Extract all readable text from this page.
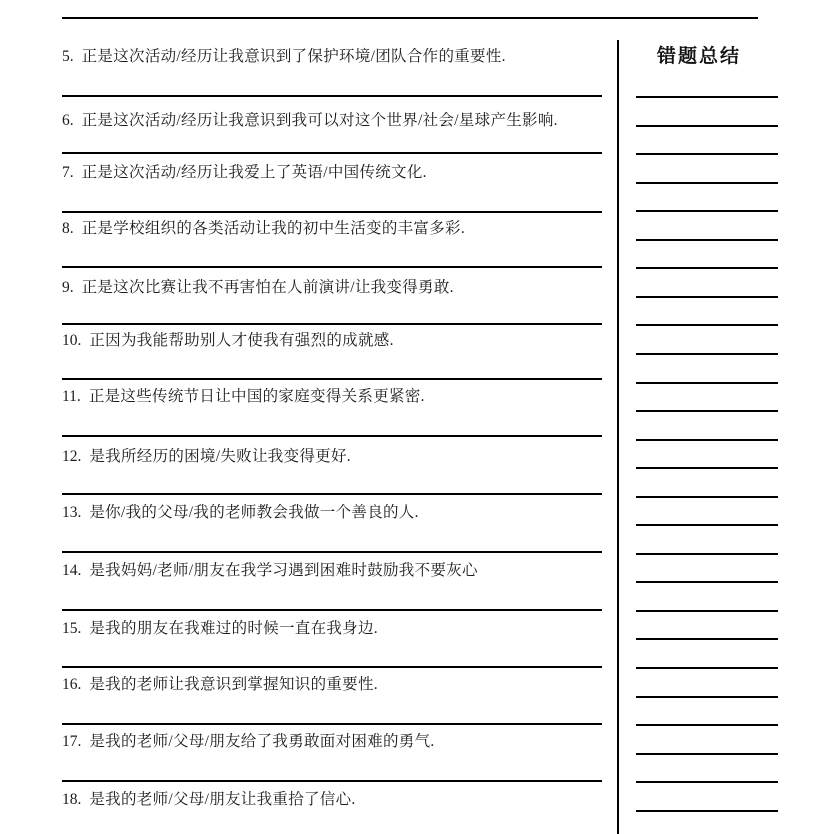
5. 正是这次活动/经历让我意识到了保护环境/团队合作的重要性.
6. 正是这次活动/经历让我意识到我可以对这个世界/社会/星球产生影响.
7. 正是这次活动/经历让我爱上了英语/中国传统文化.
8. 正是学校组织的各类活动让我的初中生活变的丰富多彩.
9. 正是这次比赛让我不再害怕在人前演讲/让我变得勇敢.
10. 正因为我能帮助别人才使我有强烈的成就感.
11. 正是这些传统节日让中国的家庭变得关系更紧密.
12. 是我所经历的困境/失败让我变得更好.
13. 是你/我的父母/我的老师教会我做一个善良的人.
14. 是我妈妈/老师/朋友在我学习遇到困难时鼓励我不要灰心
15. 是我的朋友在我难过的时候一直在我身边.
16. 是我的老师让我意识到掌握知识的重要性.
17. 是我的老师/父母/朋友给了我勇敢面对困难的勇气.
18. 是我的老师/父母/朋友让我重拾了信心.
错题总结
